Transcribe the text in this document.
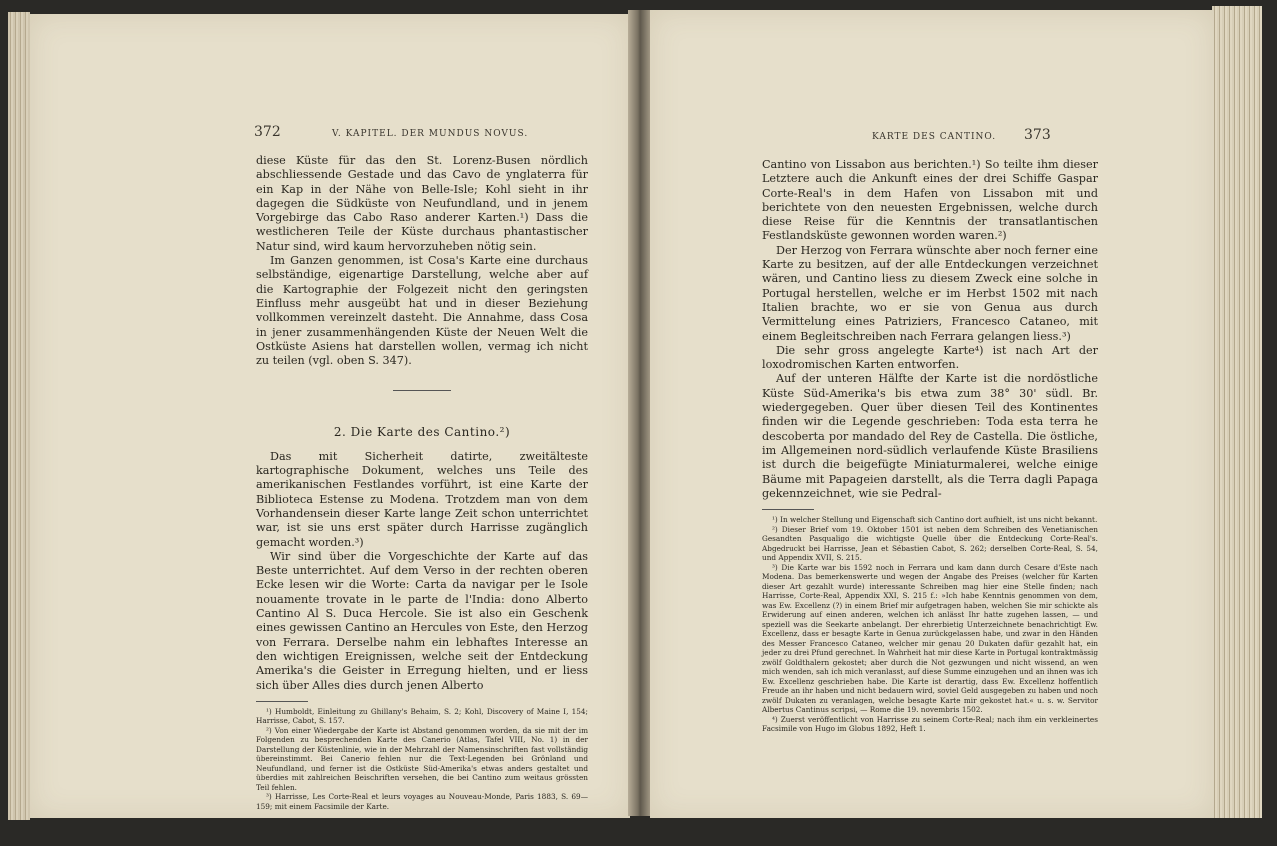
372	V. KAPITEL. DER MUNDUS NOVUS.

diese Küste für das den St. Lorenz-Busen nördlich abschliessende Gestade und das Cavo de ynglaterra für ein Kap in der Nähe von Belle-Isle; Kohl sieht in ihr dagegen die Südküste von Neufundland, und in jenem Vorgebirge das Cabo Raso anderer Karten.¹) Dass die westlicheren Teile der Küste durchaus phantastischer Natur sind, wird kaum hervorzuheben nötig sein.

Im Ganzen genommen, ist Cosa's Karte eine durchaus selbständige, eigenartige Darstellung, welche aber auf die Kartographie der Folgezeit nicht den geringsten Einfluss mehr ausgeübt hat und in dieser Beziehung vollkommen vereinzelt dasteht. Die Annahme, dass Cosa in jener zusammenhängenden Küste der Neuen Welt die Ostküste Asiens hat darstellen wollen, vermag ich nicht zu teilen (vgl. oben S. 347).

2. Die Karte des Cantino.²)

Das mit Sicherheit datirte, zweitälteste kartographische Dokument, welches uns Teile des amerikanischen Festlandes vorführt, ist eine Karte der Biblioteca Estense zu Modena. Trotzdem man von dem Vorhandensein dieser Karte lange Zeit schon unterrichtet war, ist sie uns erst später durch Harrisse zugänglich gemacht worden.³)

Wir sind über die Vorgeschichte der Karte auf das Beste unterrichtet. Auf dem Verso in der rechten oberen Ecke lesen wir die Worte: Carta da navigar per le Isole nouamente trovate in le parte de l'India: dono Alberto Cantino Al S. Duca Hercole. Sie ist also ein Geschenk eines gewissen Cantino an Hercules von Este, den Herzog von Ferrara. Derselbe nahm ein lebhaftes Interesse an den wichtigen Ereignissen, welche seit der Entdeckung Amerika's die Geister in Erregung hielten, und er liess sich über Alles dies durch jenen Alberto

¹) Humboldt, Einleitung zu Ghillany's Behaim, S. 2; Kohl, Discovery of Maine I, 154; Harrisse, Cabot, S. 157.

²) Von einer Wiedergabe der Karte ist Abstand genommen worden, da sie mit der im Folgenden zu besprechenden Karte des Canerio (Atlas, Tafel VIII, No. 1) in der Darstellung der Küstenlinie, wie in der Mehrzahl der Namensinschriften fast vollständig übereinstimmt. Bei Canerio fehlen nur die Text-Legenden bei Grönland und Neufundland, und ferner ist die Ostküste Süd-Amerika's etwas anders gestaltet und überdies mit zahlreichen Beischriften versehen, die bei Cantino zum weitaus grössten Teil fehlen.

³) Harrisse, Les Corte-Real et leurs voyages au Nouveau-Monde, Paris 1883, S. 69—159; mit einem Facsimile der Karte.

KARTE DES CANTINO. 373

Cantino von Lissabon aus berichten.¹) So teilte ihm dieser Letztere auch die Ankunft eines der drei Schiffe Gaspar Corte-Real's in dem Hafen von Lissabon mit und berichtete von den neuesten Ergebnissen, welche durch diese Reise für die Kenntnis der transatlantischen Festlandsküste gewonnen worden waren.²)

Der Herzog von Ferrara wünschte aber noch ferner eine Karte zu besitzen, auf der alle Entdeckungen verzeichnet wären, und Cantino liess zu diesem Zweck eine solche in Portugal herstellen, welche er im Herbst 1502 mit nach Italien brachte, wo er sie von Genua aus durch Vermittelung eines Patriziers, Francesco Cataneo, mit einem Begleitschreiben nach Ferrara gelangen liess.³)

Die sehr gross angelegte Karte⁴) ist nach Art der loxodromischen Karten entworfen.

Auf der unteren Hälfte der Karte ist die nordöstliche Küste Süd-Amerika's bis etwa zum 38° 30' südl. Br. wiedergegeben. Quer über diesen Teil des Kontinentes finden wir die Legende geschrieben: Toda esta terra he descoberta por mandado del Rey de Castella. Die östliche, im Allgemeinen nord-südlich verlaufende Küste Brasiliens ist durch die beigefügte Miniaturmalerei, welche einige Bäume mit Papageien darstellt, als die Terra dagli Papaga gekennzeichnet, wie sie Pedral-

¹) In welcher Stellung und Eigenschaft sich Cantino dort aufhielt, ist uns nicht bekannt.

²) Dieser Brief vom 19. Oktober 1501 ist neben dem Schreiben des Venetianischen Gesandten Pasqualigo die wichtigste Quelle über die Entdeckung Corte-Real's. Abgedruckt bei Harrisse, Jean et Sébastien Cabot, S. 262; derselben Corte-Real, S. 54, und Appendix XVII, S. 215.

³) Die Karte war bis 1592 noch in Ferrara und kam dann durch Cesare d'Este nach Modena. Das bemerkenswerte und wegen der Angabe des Preises (welcher für Karten dieser Art gezahlt wurde) interessante Schreiben mag hier eine Stelle finden; nach Harrisse, Corte-Real, Appendix XXI, S. 215 f.: »Ich habe Kenntnis genommen von dem, was Ew. Excellenz (?) in einem Brief mir aufgetragen haben, welchen Sie mir schickte als Erwiderung auf einen anderen, welchen ich anlässt Ihr hatte zugehen lassen, — und speziell was die Seekarte anbelangt. Der ehrerbietig Unterzeichnete benachrichtigt Ew. Excellenz, dass er besagte Karte in Genua zurückgelassen habe, und zwar in den Händen des Messer Francesco Cataneo, welcher mir genau 20 Dukaten dafür gezahlt hat, ein jeder zu drei Pfund gerechnet. In Wahrheit hat mir diese Karte in Portugal kontraktmässig zwölf Goldthalern gekostet; aber durch die Not gezwungen und nicht wissend, an wen mich wenden, sah ich mich veranlasst, auf diese Summe einzugehen und an ihnen was ich Ew. Excellenz geschrieben habe. Die Karte ist derartig, dass Ew. Excellenz hoffentlich Freude an ihr haben und nicht bedauern wird, soviel Geld ausgegeben zu haben und noch zwölf Dukaten zu veranlagen, welche besagte Karte mir gekostet hat.« u. s. w. Servitor Albertus Cantinus scripsi, — Rome die 19. novembris 1502.

⁴) Zuerst veröffentlicht von Harrisse zu seinem Corte-Real; nach ihm ein verkleinertes Facsimile von Hugo im Globus 1892, Heft 1.
